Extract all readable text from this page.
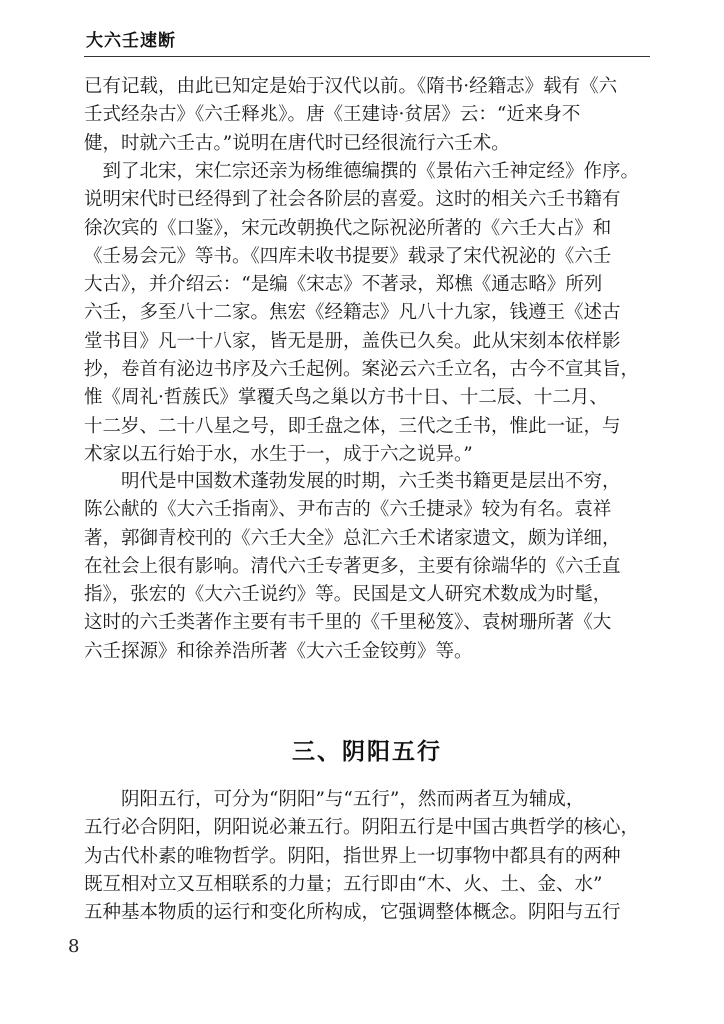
大六壬速断

已有记载，由此已知定是始于汉代以前。《隋书·经籍志》载有《六
壬式经杂古》《六壬释兆》。唐《王建诗·贫居》云：“近来身不
健，时就六壬古。”说明在唐代时已经很流行六壬术。

　到了北宋，宋仁宗还亲为杨维德编撰的《景佑六壬神定经》作序。
说明宋代时已经得到了社会各阶层的喜爱。这时的相关六壬书籍有
徐次宾的《口鉴》，宋元改朝换代之际祝泌所著的《六壬大占》和
《壬易会元》等书。《四库未收书提要》载录了宋代祝泌的《六壬
大古》，并介绍云：“是编《宋志》不著录，郑樵《通志略》所列
六壬，多至八十二家。焦宏《经籍志》凡八十九家，钱遵王《述古
堂书目》凡一十八家，皆无是册，盖佚已久矣。此从宋刻本依样影
抄，卷首有泌边书序及六壬起例。案泌云六壬立名，古今不宣其旨，
惟《周礼·哲蔟氏》掌覆夭鸟之巢以方书十日、十二辰、十二月、
十二岁、二十八星之号，即壬盘之体，三代之壬书，惟此一证，与
术家以五行始于水，水生于一，成于六之说异。”

　　明代是中国数术蓬勃发展的时期，六壬类书籍更是层出不穷，
陈公献的《大六壬指南》、尹布吉的《六壬捷录》较为有名。袁祥
著，郭御青校刊的《六壬大全》总汇六壬术诸家遗文，颇为详细，
在社会上很有影响。清代六壬专著更多，主要有徐端华的《六壬直
指》，张宏的《大六壬说约》等。民国是文人研究术数成为时髦，
这时的六壬类著作主要有韦千里的《千里秘笈》、袁树珊所著《大
六壬探源》和徐养浩所著《大六壬金铰剪》等。

三、阴阳五行

　　阴阳五行，可分为“阴阳”与“五行”，然而两者互为辅成，
五行必合阴阳，阴阳说必兼五行。阴阳五行是中国古典哲学的核心，
为古代朴素的唯物哲学。阴阳，指世界上一切事物中都具有的两种
既互相对立又互相联系的力量；五行即由“木、火、土、金、水”
五种基本物质的运行和变化所构成，它强调整体概念。阴阳与五行

8
